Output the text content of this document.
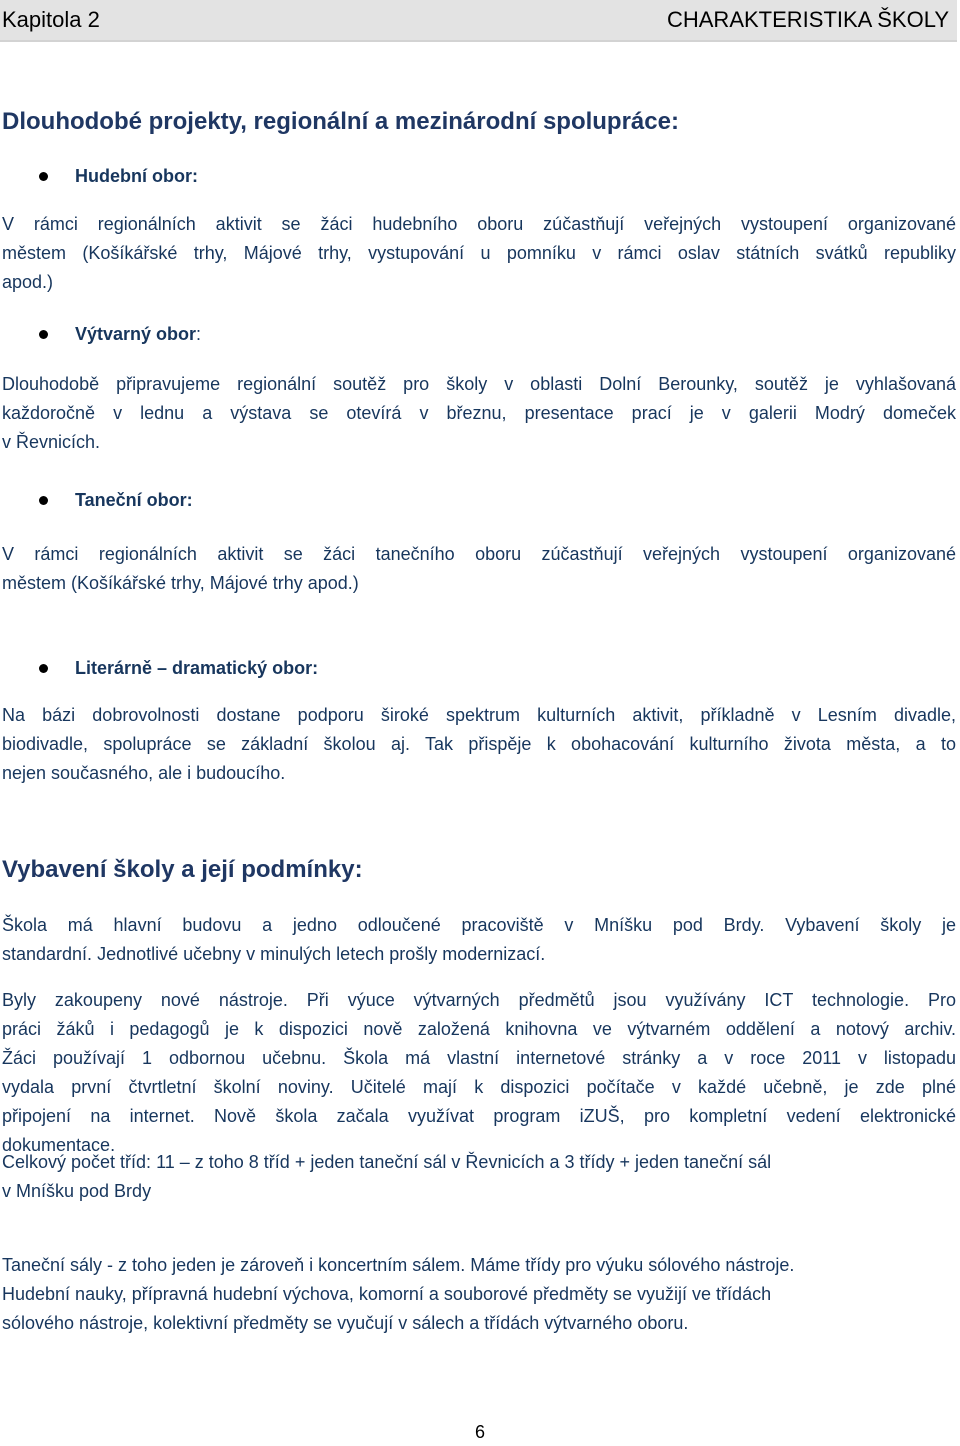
Kapitola 2	CHARAKTERISTIKA ŠKOLY
Dlouhodobé projekty, regionální a mezinárodní spolupráce:
Hudební obor:
V rámci regionálních aktivit se žáci hudebního oboru zúčastňují veřejných vystoupení organizované
městem (Košíkářské trhy, Májové trhy, vystupování u pomníku v rámci oslav státních svátků republiky
apod.)
Výtvarný obor:
Dlouhodobě připravujeme regionální soutěž pro školy v oblasti Dolní Berounky, soutěž je vyhlašovaná
každoročně v lednu a výstava se otevírá v březnu, presentace prací je v galerii Modrý domeček
v Řevnicích.
Taneční obor:
V rámci regionálních aktivit se žáci tanečního oboru zúčastňují veřejných vystoupení organizované
městem (Košíkářské trhy, Májové trhy apod.)
Literárně – dramatický obor:
Na bázi dobrovolnosti dostane podporu široké spektrum kulturních aktivit, příkladně v Lesním divadle,
biodivadle, spolupráce se základní školou aj. Tak přispěje k obohacování kulturního života města, a to
nejen současného, ale i budoucího.
Vybavení školy a její podmínky:
Škola má hlavní budovu a jedno odloučené pracoviště v Mníšku pod Brdy. Vybavení školy je
standardní. Jednotlivé učebny v minulých letech prošly modernizací.
Byly zakoupeny nové nástroje. Při výuce výtvarných předmětů jsou využívány ICT technologie. Pro
práci žáků i pedagogů je k dispozici nově založená knihovna ve výtvarném oddělení a notový archiv.
Žáci používají 1 odbornou učebnu. Škola má vlastní internetové stránky a v roce 2011 v listopadu
vydala první čtvrtletní školní noviny. Učitelé mají k dispozici počítače v každé učebně, je zde plné
připojení na internet. Nově škola začala využívat program iZUŠ, pro kompletní vedení elektronické
dokumentace.
Celkový počet tříd: 11 – z toho 8 tříd + jeden taneční sál v Řevnicích a 3 třídy + jeden taneční sál
v Mníšku pod Brdy
Taneční sály - z toho jeden je zároveň i koncertním sálem. Máme třídy pro výuku sólového nástroje.
Hudební nauky, přípravná hudební výchova, komorní a souborové předměty se využijí ve třídách
sólového nástroje, kolektivní předměty se vyučují v sálech a třídách výtvarného oboru.
6
